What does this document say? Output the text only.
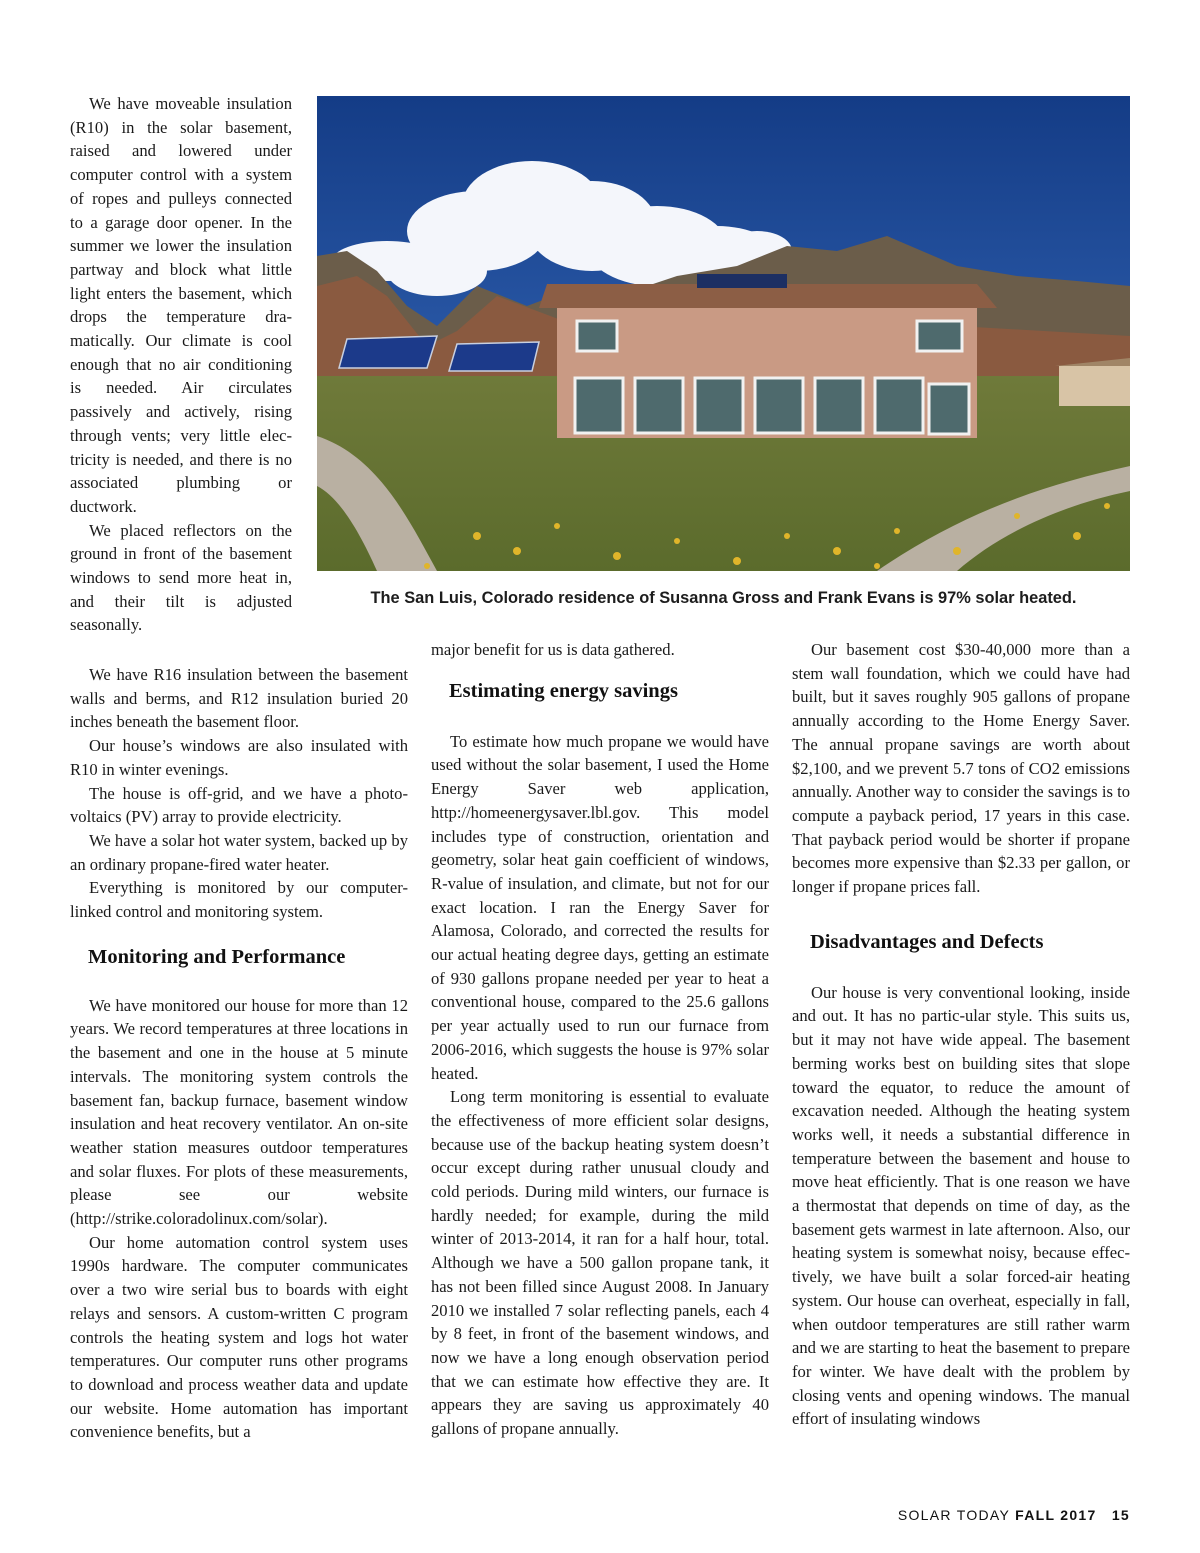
The San Luis, Colorado residence of Susanna Gross and Frank Evans is 97% solar heated.

We have moveable insulation (R10) in the solar basement, raised and lowered under computer control with a system of ropes and pulleys connected to a garage door opener. In the summer we lower the insulation partway and block what little light enters the basement, which drops the temperature dramatically. Our climate is cool enough that no air conditioning is needed. Air circulates passively and actively, rising through vents; very little electricity is needed, and there is no associated plumbing or ductwork.

We placed reflectors on the ground in front of the basement windows to send more heat in, and their tilt is adjusted seasonally.

We have R16 insulation between the basement walls and berms, and R12 insulation buried 20 inches beneath the basement floor.

Our house’s windows are also insulated with R10 in winter evenings.

The house is off-grid, and we have a photovoltaics (PV) array to provide electricity.

We have a solar hot water system, backed up by an ordinary propane-fired water heater.

Everything is monitored by our computer-linked control and monitoring system.

Monitoring and Performance

We have monitored our house for more than 12 years. We record temperatures at three locations in the basement and one in the house at 5 minute intervals. The monitoring system controls the basement fan, backup furnace, basement window insulation and heat recovery ventilator. An on-site weather station measures outdoor temperatures and solar fluxes. For plots of these measurements, please see our website (http://strike.coloradolinux.com/solar).

Our home automation control system uses 1990s hardware. The computer communicates over a two wire serial bus to boards with eight relays and sensors. A custom-written C program controls the heating system and logs hot water temperatures. Our computer runs other programs to download and process weather data and update our website. Home automation has important convenience benefits, but a

major benefit for us is data gathered.

Estimating energy savings

To estimate how much propane we would have used without the solar basement, I used the Home Energy Saver web application, http://homeenergysaver.lbl.gov. This model includes type of construction, orientation and geometry, solar heat gain coefficient of windows, R-value of insulation, and climate, but not for our exact location. I ran the Energy Saver for Alamosa, Colorado, and corrected the results for our actual heating degree days, getting an estimate of 930 gallons propane needed per year to heat a conventional house, compared to the 25.6 gallons per year actually used to run our furnace from 2006-2016, which suggests the house is 97% solar heated.

Long term monitoring is essential to evaluate the effectiveness of more efficient solar designs, because use of the backup heating system doesn’t occur except during rather unusual cloudy and cold periods. During mild winters, our furnace is hardly needed; for example, during the mild winter of 2013-2014, it ran for a half hour, total. Although we have a 500 gallon propane tank, it has not been filled since August 2008. In January 2010 we installed 7 solar reflecting panels, each 4 by 8 feet, in front of the basement windows, and now we have a long enough observation period that we can estimate how effective they are. It appears they are saving us approximately 40 gallons of propane annually.

Our basement cost $30-40,000 more than a stem wall foundation, which we could have had built, but it saves roughly 905 gallons of propane annually according to the Home Energy Saver. The annual propane savings are worth about $2,100, and we prevent 5.7 tons of CO2 emissions annually. Another way to consider the savings is to compute a payback period, 17 years in this case. That payback period would be shorter if propane becomes more expensive than $2.33 per gallon, or longer if propane prices fall.

Disadvantages and Defects

Our house is very conventional looking, inside and out. It has no partic-ular style. This suits us, but it may not have wide appeal. The basement berming works best on building sites that slope toward the equator, to reduce the amount of excavation needed. Although the heating system works well, it needs a substantial difference in temperature between the basement and house to move heat efficiently. That is one reason we have a thermostat that depends on time of day, as the basement gets warmest in late afternoon. Also, our heating system is somewhat noisy, because effectively, we have built a solar forced-air heating system. Our house can overheat, especially in fall, when outdoor temperatures are still rather warm and we are starting to heat the basement to prepare for winter. We have dealt with the problem by closing vents and opening windows. The manual effort of insulating windows

SOLAR TODAY FALL 2017 15
